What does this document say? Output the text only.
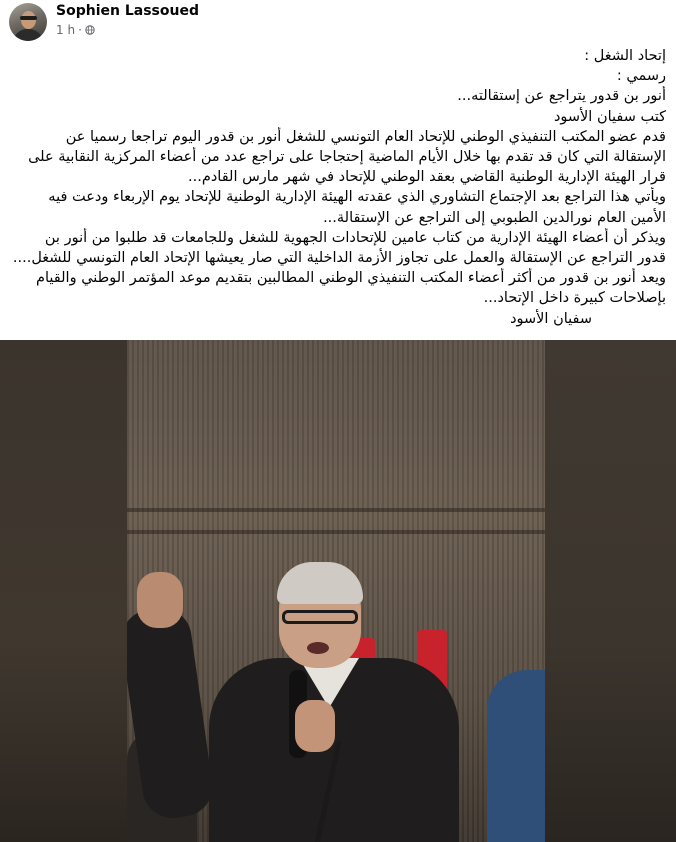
Sophien Lassoued
1 h ·
إتحاد الشغل :
رسمي :
أنور بن قدور يتراجع عن إستقالته...
كتب سفيان الأسود
قدم عضو المكتب التنفيذي الوطني للإتحاد العام التونسي للشغل أنور بن قدور اليوم تراجعا رسميا عن
الإستقالة التي كان قد تقدم بها خلال الأيام الماضية إحتجاجا على تراجع عدد من أعضاء المركزية النقابية على
قرار الهيئة الإدارية الوطنية القاضي بعقد الوطني للإتحاد في شهر مارس القادم...
ويأتي هذا التراجع بعد الإجتماع التشاوري الذي عقدته الهيئة الإدارية الوطنية للإتحاد يوم الإربعاء ودعت فيه
الأمين العام نورالدين الطبوبي إلى التراجع عن الإستقالة...
ويذكر أن أعضاء الهيئة الإدارية من كتاب عامين للإتحادات الجهوية للشغل وللجامعات قد طلبوا من أنور بن
قدور التراجع عن الإستقالة والعمل على تجاوز الأزمة الداخلية التي صار يعيشها الإتحاد العام التونسي للشغل....
ويعد أنور بن قدور من أكثر أعضاء المكتب التنفيذي الوطني المطالبين بتقديم موعد المؤتمر الوطني والقيام
بإصلاحات كبيرة داخل الإتحاد...
سفيان الأسود
